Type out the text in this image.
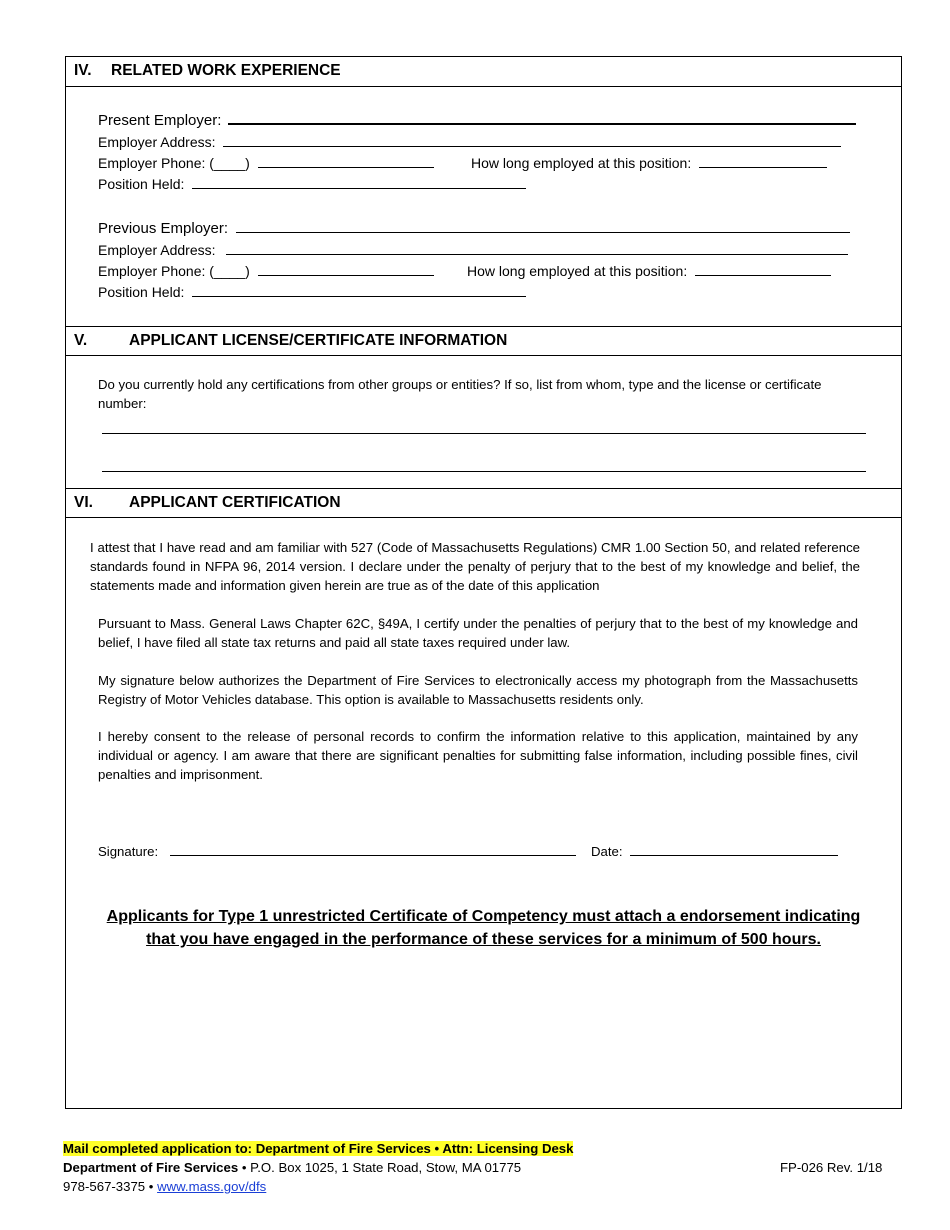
IV. RELATED WORK EXPERIENCE
Present Employer:
Employer Address:
Employer Phone: (____)	How long employed at this position:
Position Held:
Previous Employer:
Employer Address:
Employer Phone: (____)	How long employed at this position:
Position Held:
V.	APPLICANT LICENSE/CERTIFICATE INFORMATION
Do you currently hold any certifications from other groups or entities? If so, list from whom, type and the license or certificate number:
VI. APPLICANT CERTIFICATION
I attest that I have read and am familiar with 527 (Code of Massachusetts Regulations) CMR 1.00 Section 50, and related reference standards found in NFPA 96, 2014 version. I declare under the penalty of perjury that to the best of my knowledge and belief, the statements made and information given herein are true as of the date of this application
Pursuant to Mass. General Laws Chapter 62C, §49A, I certify under the penalties of perjury that to the best of my knowledge and belief, I have filed all state tax returns and paid all state taxes required under law.
My signature below authorizes the Department of Fire Services to electronically access my photograph from the Massachusetts Registry of Motor Vehicles database. This option is available to Massachusetts residents only.
I hereby consent to the release of personal records to confirm the information relative to this application, maintained by any individual or agency. I am aware that there are significant penalties for submitting false information, including possible fines, civil penalties and imprisonment.
Signature:	Date:
Applicants for Type 1 unrestricted Certificate of Competency must attach a endorsement indicating
that you have engaged in the performance of these services for a minimum of 500 hours.
Mail completed application to: Department of Fire Services • Attn: Licensing Desk
Department of Fire Services • P.O. Box 1025, 1 State Road, Stow, MA 01775
978-567-3375 • www.mass.gov/dfs
FP-026 Rev. 1/18
